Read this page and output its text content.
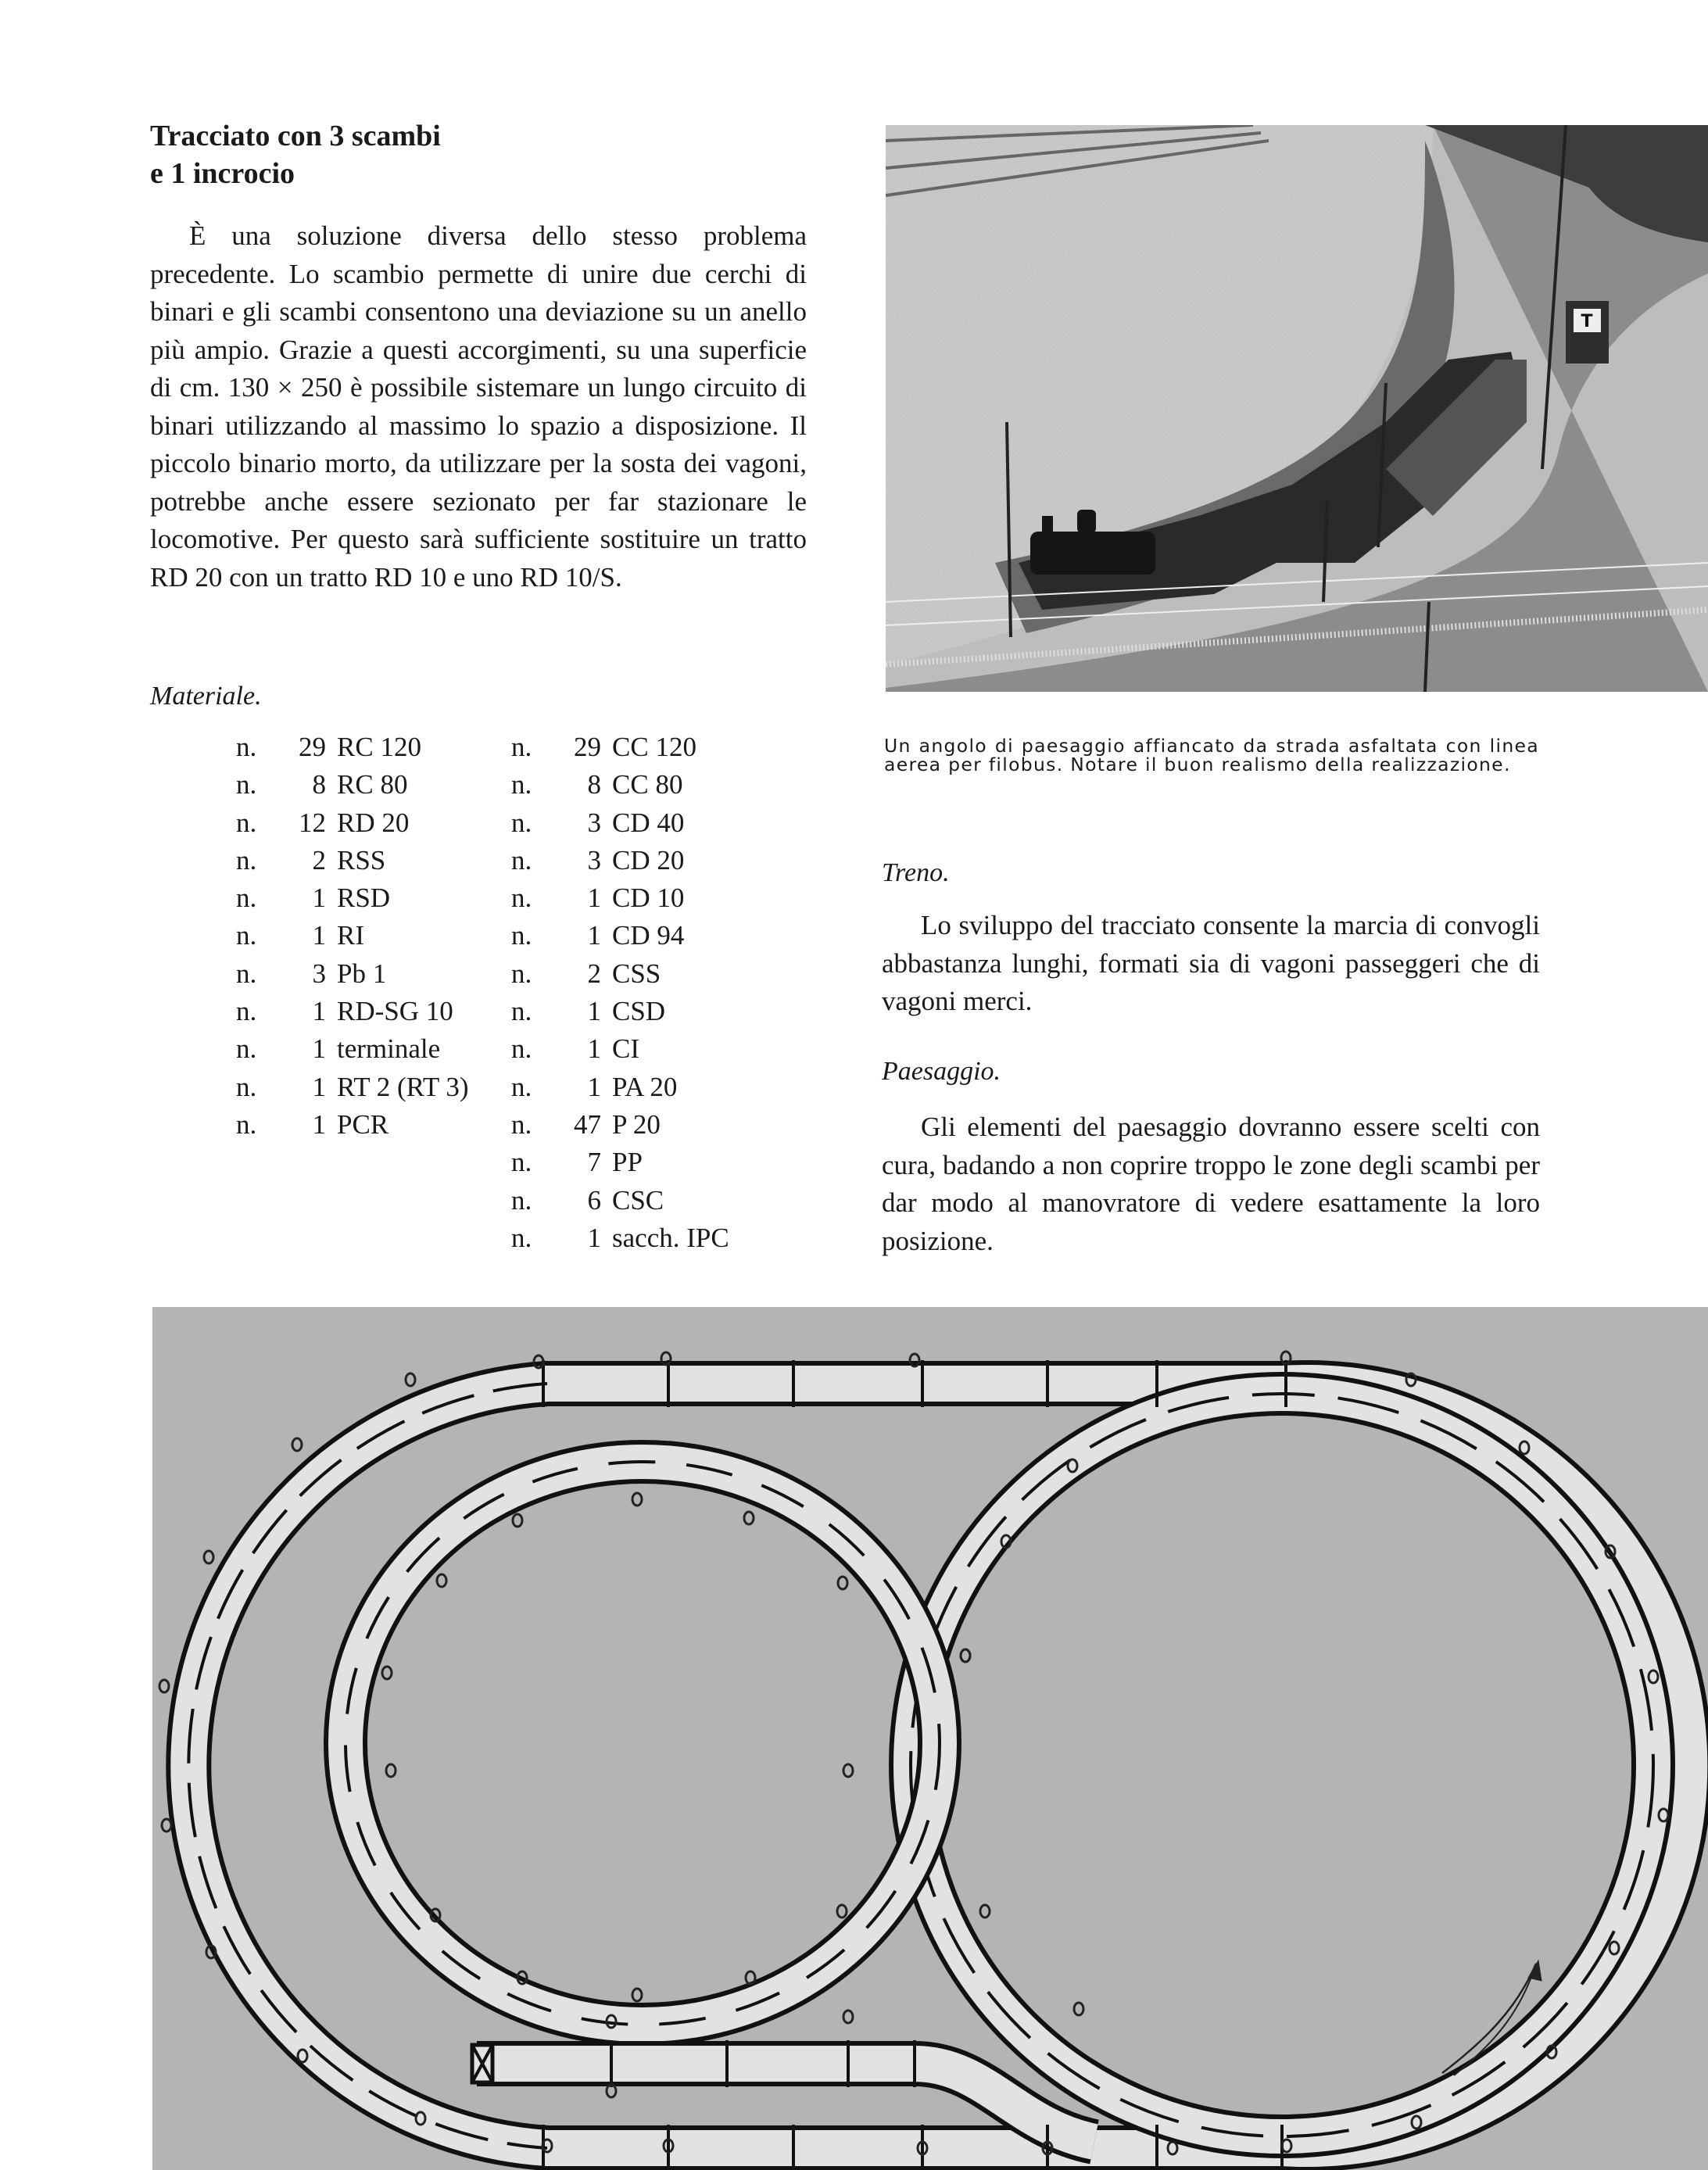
Tracciato con 3 scambi
e 1 incrocio

È una soluzione diversa dello stesso problema precedente. Lo scambio permette di unire due cerchi di binari e gli scambi consentono una deviazione su un anello più ampio. Grazie a questi accorgimenti, su una superficie di cm. 130 × 250 è possibile sistemare un lungo circuito di binari utilizzando al massimo lo spazio a disposizione. Il piccolo binario morto, da utilizzare per la sosta dei vagoni, potrebbe anche essere sezionato per far stazionare le locomotive. Per questo sarà sufficiente sostituire un tratto RD 20 con un tratto RD 10 e uno RD 10/S.

Materiale.

n.	29 RC 120
n.	8 RC 80
n.	12 RD 20
n.	2 RSS
n.	1 RSD
n.	1 RI
n.	3 Pb 1
n.	1 RD-SG 10
n.	1 terminale
n.	1 RT 2 (RT 3)
n.	1 PCR
n.	29 CC 120
n.	8 CC 80
n.	3 CD 40
n.	3 CD 20
n.	1 CD 10
n.	1 CD 94
n.	2 CSS
n.	1 CSD
n.	1 CI
n.	1 PA 20
n.	47 P 20
n.	7 PP
n.	6 CSC
n.	1 sacch. IPC
T

Un angolo di paesaggio affiancato da strada asfaltata con linea aerea per filobus. Notare il buon realismo della realizzazione.

Treno.

Lo sviluppo del tracciato consente la marcia di convogli abbastanza lunghi, formati sia di vagoni passeggeri che di vagoni merci.

Paesaggio.

Gli elementi del paesaggio dovranno essere scelti con cura, badando a non coprire troppo le zone degli scambi per dar modo al manovratore di vedere esattamente la loro posizione.
